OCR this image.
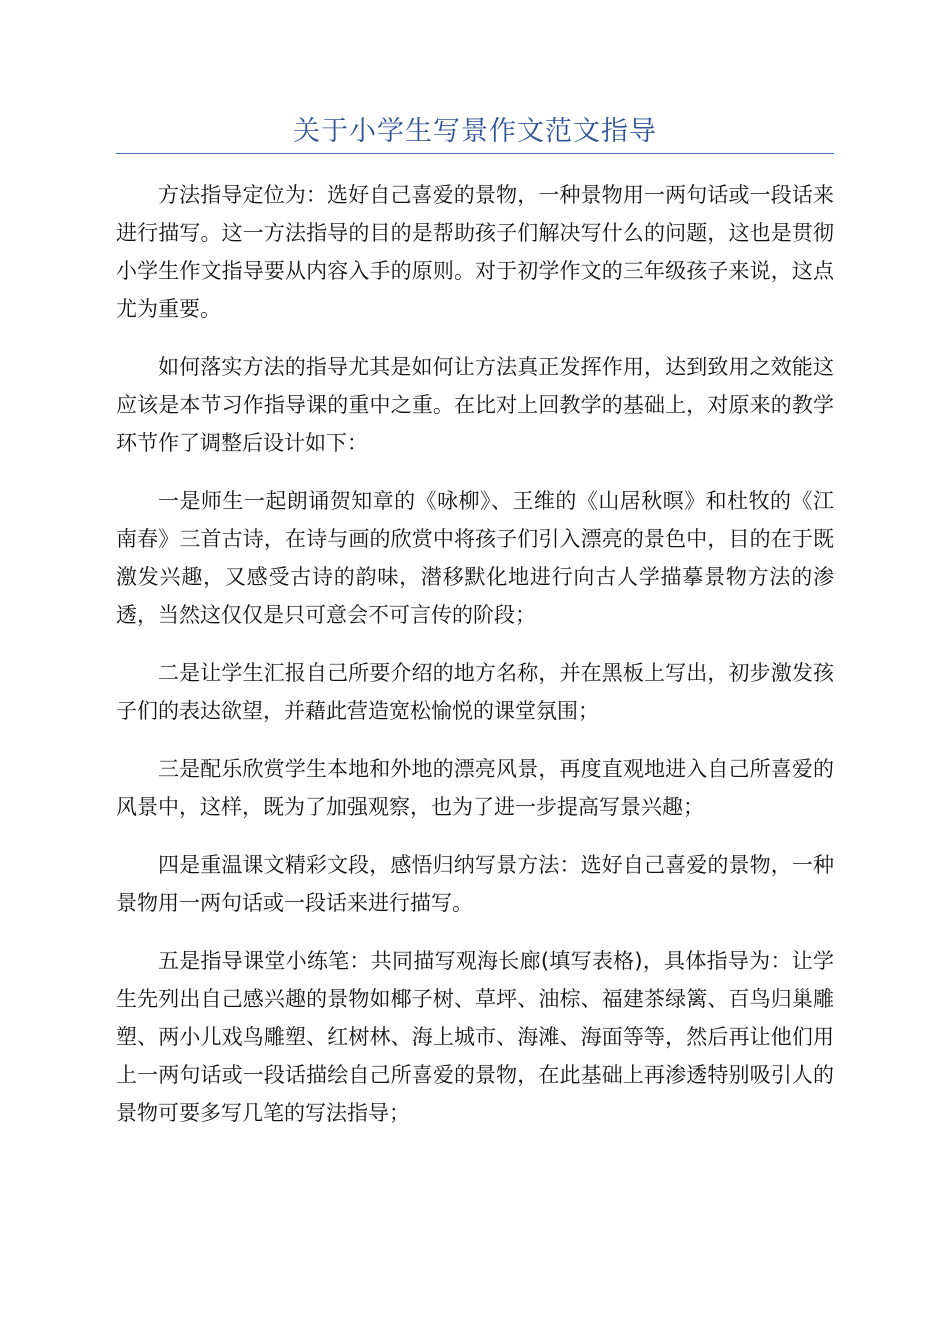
关于小学生写景作文范文指导

方法指导定位为：选好自己喜爱的景物，一种景物用一两句话或一段话来进行描写。这一方法指导的目的是帮助孩子们解决写什么的问题，这也是贯彻小学生作文指导要从内容入手的原则。对于初学作文的三年级孩子来说，这点尤为重要。

如何落实方法的指导尤其是如何让方法真正发挥作用，达到致用之效能这应该是本节习作指导课的重中之重。在比对上回教学的基础上，对原来的教学环节作了调整后设计如下：

一是师生一起朗诵贺知章的《咏柳》、王维的《山居秋暝》和杜牧的《江南春》三首古诗，在诗与画的欣赏中将孩子们引入漂亮的景色中，目的在于既激发兴趣，又感受古诗的韵味，潜移默化地进行向古人学描摹景物方法的渗透，当然这仅仅是只可意会不可言传的阶段；

二是让学生汇报自己所要介绍的地方名称，并在黑板上写出，初步激发孩子们的表达欲望，并藉此营造宽松愉悦的课堂氛围；

三是配乐欣赏学生本地和外地的漂亮风景，再度直观地进入自己所喜爱的风景中，这样，既为了加强观察，也为了进一步提高写景兴趣；

四是重温课文精彩文段，感悟归纳写景方法：选好自己喜爱的景物，一种景物用一两句话或一段话来进行描写。

五是指导课堂小练笔：共同描写观海长廊(填写表格)，具体指导为：让学生先列出自己感兴趣的景物如椰子树、草坪、油棕、福建茶绿篱、百鸟归巢雕塑、两小儿戏鸟雕塑、红树林、海上城市、海滩、海面等等，然后再让他们用上一两句话或一段话描绘自己所喜爱的景物，在此基础上再渗透特别吸引人的景物可要多写几笔的写法指导；
